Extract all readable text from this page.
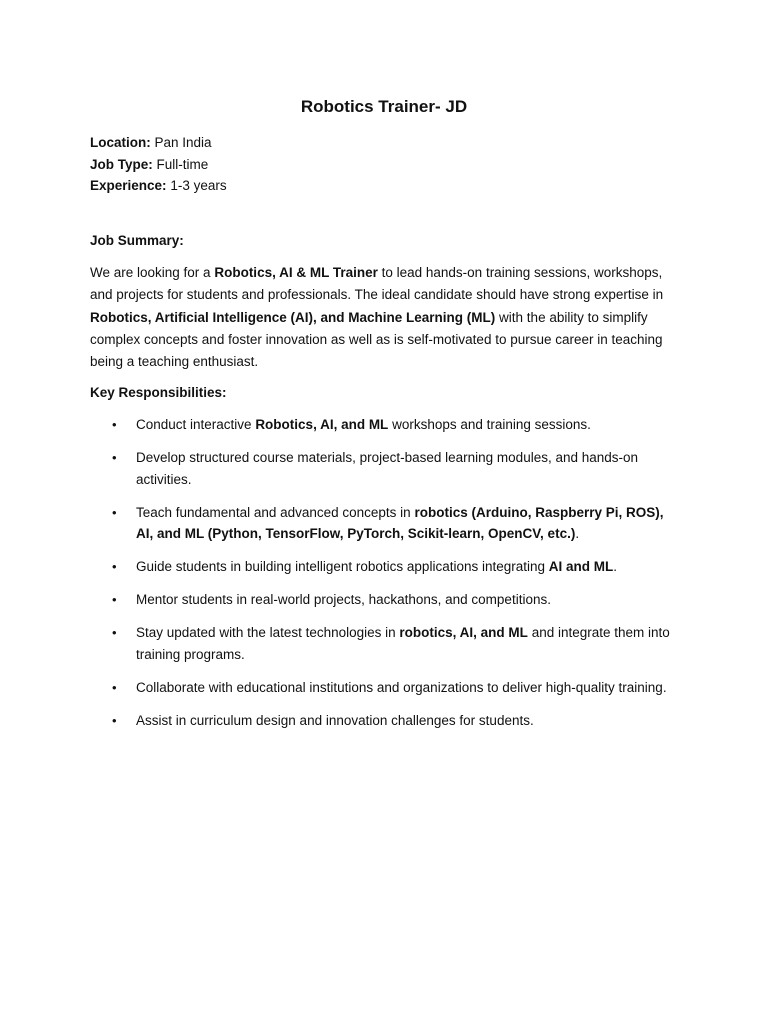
Robotics Trainer- JD
Location: Pan India
Job Type: Full-time
Experience: 1-3 years
Job Summary:

We are looking for a Robotics, AI & ML Trainer to lead hands-on training sessions, workshops, and projects for students and professionals. The ideal candidate should have strong expertise in Robotics, Artificial Intelligence (AI), and Machine Learning (ML) with the ability to simplify complex concepts and foster innovation as well as is self-motivated to pursue career in teaching being a teaching enthusiast.

Key Responsibilities:
• Conduct interactive Robotics, AI, and ML workshops and training sessions.
• Develop structured course materials, project-based learning modules, and hands-on activities.
• Teach fundamental and advanced concepts in robotics (Arduino, Raspberry Pi, ROS), AI, and ML (Python, TensorFlow, PyTorch, Scikit-learn, OpenCV, etc.).
• Guide students in building intelligent robotics applications integrating AI and ML.
• Mentor students in real-world projects, hackathons, and competitions.
• Stay updated with the latest technologies in robotics, AI, and ML and integrate them into training programs.
• Collaborate with educational institutions and organizations to deliver high-quality training.
• Assist in curriculum design and innovation challenges for students.
